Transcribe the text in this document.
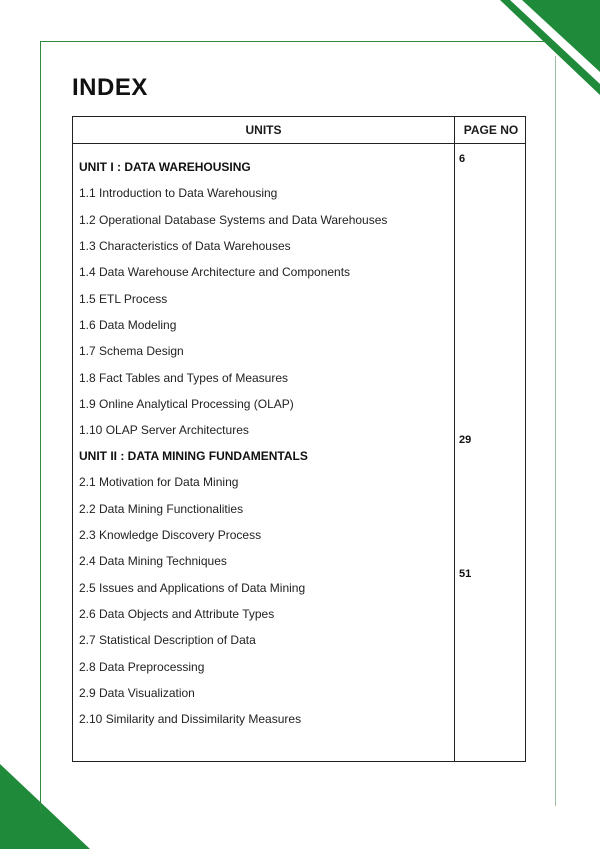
INDEX
UNITS	PAGE NO
UNIT I : DATA WAREHOUSING
1.1 Introduction to Data Warehousing
1.2 Operational Database Systems and Data Warehouses
1.3 Characteristics of Data Warehouses
1.4 Data Warehouse Architecture and Components
1.5 ETL Process
1.6 Data Modeling
1.7 Schema Design
1.8 Fact Tables and Types of Measures
1.9 Online Analytical Processing (OLAP)
1.10 OLAP Server Architectures
UNIT II : DATA MINING FUNDAMENTALS
2.1 Motivation for Data Mining
2.2 Data Mining Functionalities
2.3 Knowledge Discovery Process
2.4 Data Mining Techniques
2.5 Issues and Applications of Data Mining
2.6 Data Objects and Attribute Types
2.7 Statistical Description of Data
2.8 Data Preprocessing
2.9 Data Visualization
2.10 Similarity and Dissimilarity Measures
6
29
51
